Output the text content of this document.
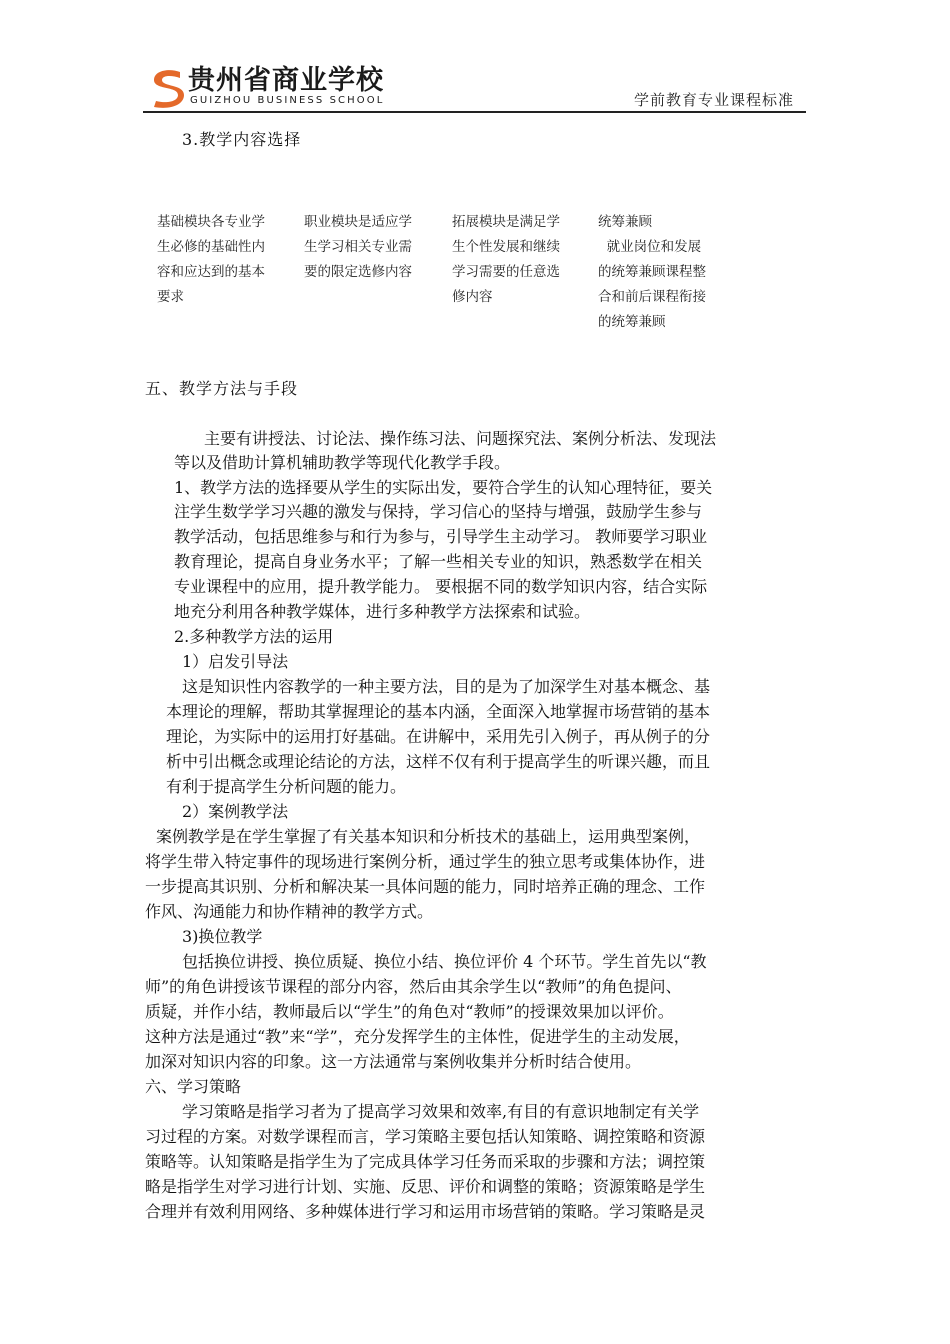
贵州省商业学校
GUIZHOU BUSINESS SCHOOL	学前教育专业课程标准
3.教学内容选择
基础模块各专业学
生必修的基础性内
容和应达到的基本
要求
职业模块是适应学
生学习相关专业需
要的限定选修内容
拓展模块是满足学
生个性发展和继续
学习需要的任意选
修内容
统筹兼顾
就业岗位和发展
的统筹兼顾课程整
合和前后课程衔接
的统筹兼顾
五、教学方法与手段
主要有讲授法、讨论法、操作练习法、问题探究法、案例分析法、发现法
等以及借助计算机辅助教学等现代化教学手段。
1、教学方法的选择要从学生的实际出发，要符合学生的认知心理特征，要关
注学生数学学习兴趣的激发与保持，学习信心的坚持与增强，鼓励学生参与
教学活动，包括思维参与和行为参与，引导学生主动学习。 教师要学习职业
教育理论，提高自身业务水平；了解一些相关专业的知识，熟悉数学在相关
专业课程中的应用，提升教学能力。 要根据不同的数学知识内容，结合实际
地充分利用各种教学媒体，进行多种教学方法探索和试验。
2.多种教学方法的运用
1）启发引导法
这是知识性内容教学的一种主要方法，目的是为了加深学生对基本概念、基
本理论的理解，帮助其掌握理论的基本内涵，全面深入地掌握市场营销的基本
理论，为实际中的运用打好基础。在讲解中，采用先引入例子，再从例子的分
析中引出概念或理论结论的方法，这样不仅有利于提高学生的听课兴趣，而且
有利于提高学生分析问题的能力。
2）案例教学法
案例教学是在学生掌握了有关基本知识和分析技术的基础上，运用典型案例，
将学生带入特定事件的现场进行案例分析，通过学生的独立思考或集体协作，进
一步提高其识别、分析和解决某一具体问题的能力，同时培养正确的理念、工作
作风、沟通能力和协作精神的教学方式。
3)换位教学
包括换位讲授、换位质疑、换位小结、换位评价 4 个环节。学生首先以“教
师”的角色讲授该节课程的部分内容，然后由其余学生以“教师”的角色提问、
质疑，并作小结，教师最后以“学生”的角色对“教师”的授课效果加以评价。
这种方法是通过“教”来“学”，充分发挥学生的主体性，促进学生的主动发展，
加深对知识内容的印象。这一方法通常与案例收集并分析时结合使用。
六、学习策略
学习策略是指学习者为了提高学习效果和效率,有目的有意识地制定有关学
习过程的方案。对数学课程而言，学习策略主要包括认知策略、调控策略和资源
策略等。认知策略是指学生为了完成具体学习任务而采取的步骤和方法；调控策
略是指学生对学习进行计划、实施、反思、评价和调整的策略；资源策略是学生
合理并有效利用网络、多种媒体进行学习和运用市场营销的策略。学习策略是灵
